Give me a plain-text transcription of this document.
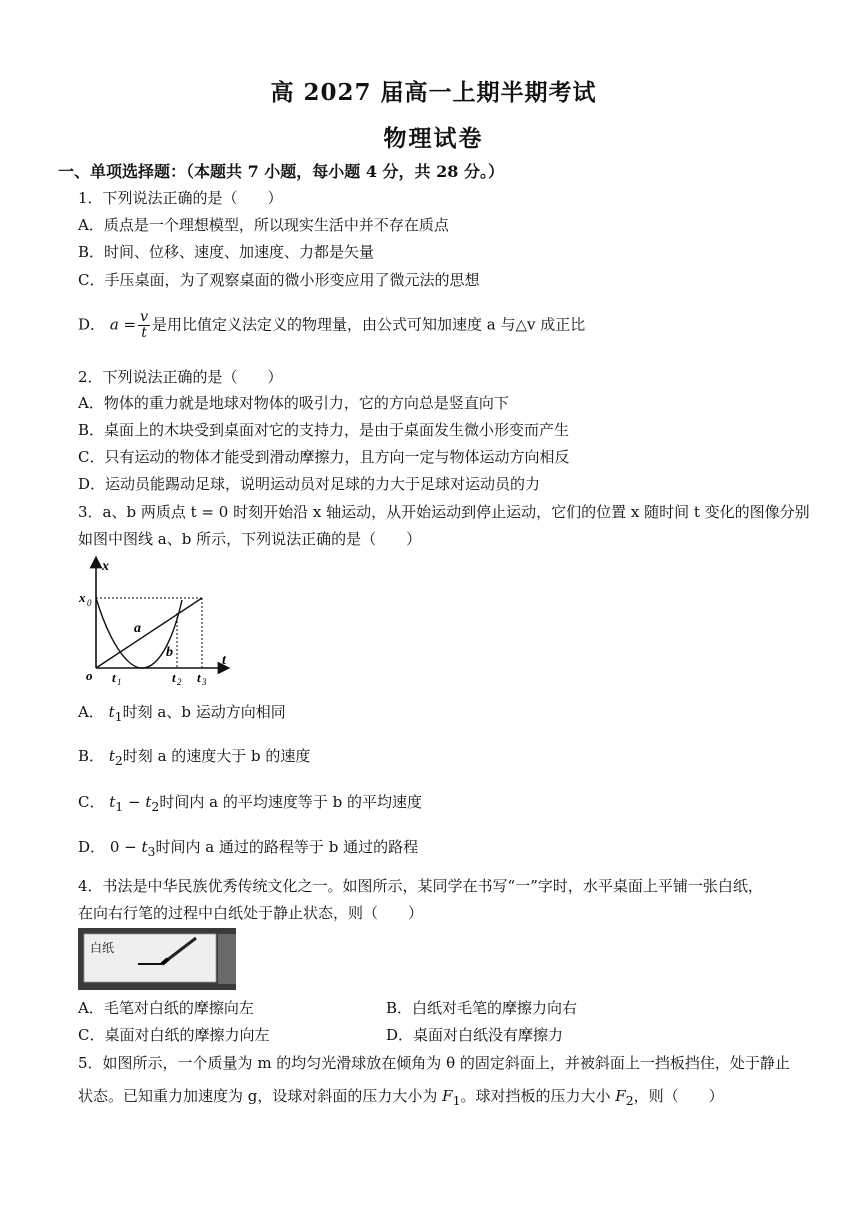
高 2027 届高一上期半期考试
物理试卷
一、单项选择题：（本题共 7 小题，每小题 4 分，共 28 分。）
1．下列说法正确的是（　　）
A．质点是一个理想模型，所以现实生活中并不存在质点
B．时间、位移、速度、加速度、力都是矢量
C．手压桌面，为了观察桌面的微小形变应用了微元法的思想
D． $a = \frac{v}{t}$ 是用比值定义法定义的物理量，由公式可知加速度 a 与△v 成正比
2．下列说法正确的是（　　）
A．物体的重力就是地球对物体的吸引力，它的方向总是竖直向下
B．桌面上的木块受到桌面对它的支持力，是由于桌面发生微小形变而产生
C．只有运动的物体才能受到滑动摩擦力，且方向一定与物体运动方向相反
D．运动员能踢动足球，说明运动员对足球的力大于足球对运动员的力
3．a、b 两质点 t = 0 时刻开始沿 x 轴运动，从开始运动到停止运动，它们的位置 x 随时间 t 变化的图像分别
如图中图线 a、b 所示，下列说法正确的是（　　）
x
t
o
x 0
a
b
t 1	t 2 t 3
A． $t_1$时刻 a、b 运动方向相同
B． $t_2$时刻 a 的速度大于 b 的速度
C． $t_1 - t_2$时间内 a 的平均速度等于 b 的平均速度
D． $0 - t_3$时间内 a 通过的路程等于 b 通过的路程
4．书法是中华民族优秀传统文化之一。如图所示，某同学在书写“一”字时，水平桌面上平铺一张白纸，
在向右行笔的过程中白纸处于静止状态，则（　　）
白纸
A．毛笔对白纸的摩擦向左	B．白纸对毛笔的摩擦力向右
C．桌面对白纸的摩擦力向左	D．桌面对白纸没有摩擦力
5．如图所示，一个质量为 m 的均匀光滑球放在倾角为 θ 的固定斜面上，并被斜面上一挡板挡住，处于静止
状态。已知重力加速度为 g，设球对斜面的压力大小为 $F_1$。球对挡板的压力大小 $F_2$，则（　　）
